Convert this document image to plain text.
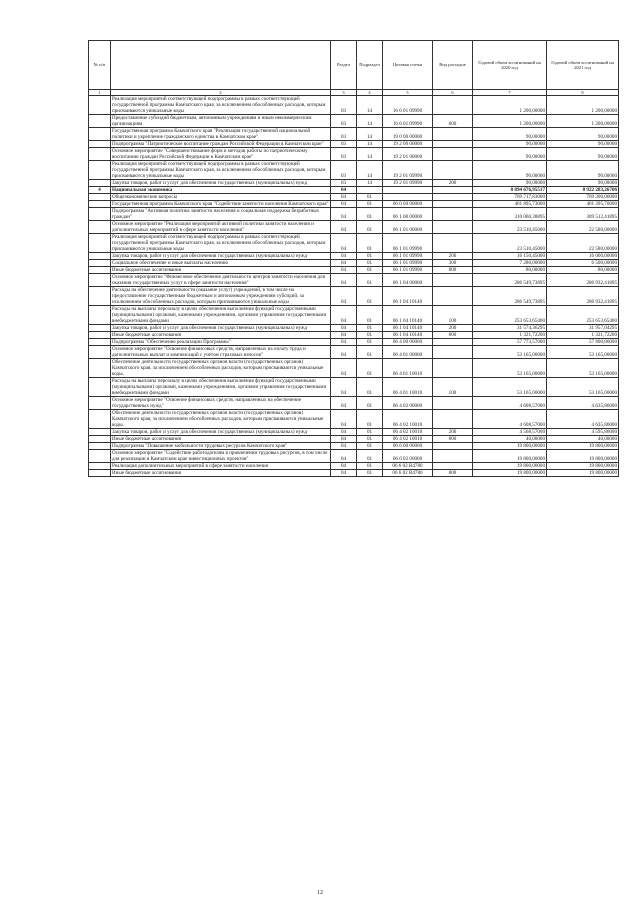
№ п/п		Раздел	Подраздел	Целевая статья	Вид расходов	Годовой объем ассигнований на 2020 год	Годовой объем ассигнований на 2021 год
1	2	3	4	5	6	7	8
	Реализация мероприятий соответствующей подпрограммы в рамках соответствующей государственной программы Камчатского края, за исключением обособленных расходов, которым присваиваются уникальные коды	03	14	16 6 01 09990		1 200,00000	1 200,00000
	Предоставление субсидий бюджетным, автономным учреждениям и иным некоммерческим организациям	03	14	16 6 01 09990	600	1 200,00000	1 200,00000
	Государственная программа Камчатского края "Реализация государственной национальной политики и укрепление гражданского единства в Камчатском крае"	03	14	19 0 00 00000		90,00000	90,00000
	Подпрограмма "Патриотическое воспитание граждан Российской Федерации в Камчатском крае"	03	14	19 2 00 00000		90,00000	90,00000
	Основное мероприятие "Совершенствование форм и методов работы по патриотическому воспитанию граждан Российской Федерации в Камчатском крае"	03	14	19 2 01 00000		90,00000	90,00000
	Реализация мероприятий соответствующей подпрограммы в рамках соответствующей государственной программы Камчатского края, за исключением обособленных расходов, которым присваиваются уникальные коды	03	14	19 2 01 09990		90,00000	90,00000
	Закупка товаров, работ и услуг для обеспечения государственных (муниципальных) нужд	03	14	19 2 01 09990	200	90,00000	90,00000
4	Национальная экономика	04				8 894 676,95517	8 922 283,26706
	Общеэкономические вопросы	04	01			769 717,83000	769 300,06000
	Государственная программа Камчатского края "Содействие занятости населения Камчатского края"	04	01	06 0 00 00000		401 895,73000	401 395,70000
	Подпрограмма "Активная политика занятости населения и социальная поддержка безработных граждан"	04	01	06 1 00 00000		310 060,38895	309 512,41895
	Основное мероприятие "Реализация мероприятий активной политики занятости населения и дополнительных мероприятий в сфере занятости населения"	04	01	06 1 01 00000		23 510,45000	22 580,00000
	Реализация мероприятий соответствующей подпрограммы в рамках соответствующей государственной программы Камчатского края, за исключением обособленных расходов, которым присваиваются уникальные коды	04	01	06 1 01 09990		23 510,45000	22 580,00000
	Закупка товаров, работ и услуг для обеспечения государственных (муниципальных) нужд	04	01	06 1 01 09990	200	16 150,45000	16 000,00000
	Социальное обеспечение и иные выплаты населению	04	01	06 1 01 09990	300	7 280,00000	6 500,00000
	Иные бюджетные ассигнования	04	01	06 1 01 09990	800	80,00000	80,00000
	Основное мероприятие "Финансовое обеспечение деятельности центров занятости населения для оказания государственных услуг в сфере занятости населения"	04	01	06 1 04 00000		286 549,73895	286 932,41895
	Расходы на обеспечение деятельности (оказание услуг) учреждений, в том числе на предоставление государственным бюджетным и автономным учреждениям субсидий, за исключением обособленных расходов, которым присваиваются уникальные коды	04	01	06 1 04 10140		286 549,73895	286 932,41895
	Расходы на выплаты персоналу в целях обеспечения выполнения функций государственными (муниципальными) органами, казенными учреждениями, органами управления государственными внебюджетными фондами	04	01	06 1 04 10140	100	253 653,65400	253 653,65400
	Закупка товаров, работ и услуг для обеспечения государственных (муниципальных) нужд	04	01	06 1 04 10140	200	31 574,36295	31 957,04295
	Иные бюджетные ассигнования	04	01	06 1 04 10140	800	1 321,72200	1 321,72200
	Подпрограмма "Обеспечение реализации Программы"	04	01	06 4 00 00000		57 773,57000	57 800,86000
	Основное мероприятие "Освоение финансовых средств, направленных на оплату труда и дополнительных выплат и компенсаций с учетом страховых взносов"	04	01	06 4 01 00000		53 165,00000	53 165,00000
	Обеспечение деятельности государственных органов власти (государственных органов) Камчатского края, за исключением обособленных расходов, которым присваиваются уникальные коды.	04	01	06 4 01 10010		53 165,00000	53 165,00000
	Расходы на выплаты персоналу в целях обеспечения выполнения функций государственными (муниципальными) органами, казенными учреждениями, органами управления государственными внебюджетными фондами	04	01	06 4 01 10010	100	53 165,00000	53 165,00000
	Основное мероприятие "Освоение финансовых средств, направленных на обеспечение государственных нужд"	04	01	06 4 02 00000		4 608,57000	4 635,86000
	Обеспечение деятельности государственных органов власти (государственных органов) Камчатского края, за исключением обособленных расходов, которым присваиваются уникальные коды.	04	01	06 4 02 10010		4 608,57000	4 635,86000
	Закупка товаров, работ и услуг для обеспечения государственных (муниципальных) нужд	04	01	06 4 02 10010	200	4 568,57000	4 595,86000
	Иные бюджетные ассигнования	04	01	06 4 02 10010	800	40,00000	40,00000
	Подпрограмма "Повышение мобильности трудовых ресурсов Камчатского края"	04	01	06 6 00 00000		19 800,00000	19 800,00000
	Основное мероприятие "Содействие работодателям в привлечении трудовых ресурсов, в том числе для реализации в Камчатском крае инвестиционных проектов"	04	01	06 6 02 00000		19 800,00000	19 800,00000
	Реализация дополнительных мероприятий в сфере занятости населения	04	01	06 6 02 R4780		19 800,00000	19 800,00000
	Иные бюджетные ассигнования	04	01	06 6 02 R4780	800	19 800,00000	19 800,00000
12
